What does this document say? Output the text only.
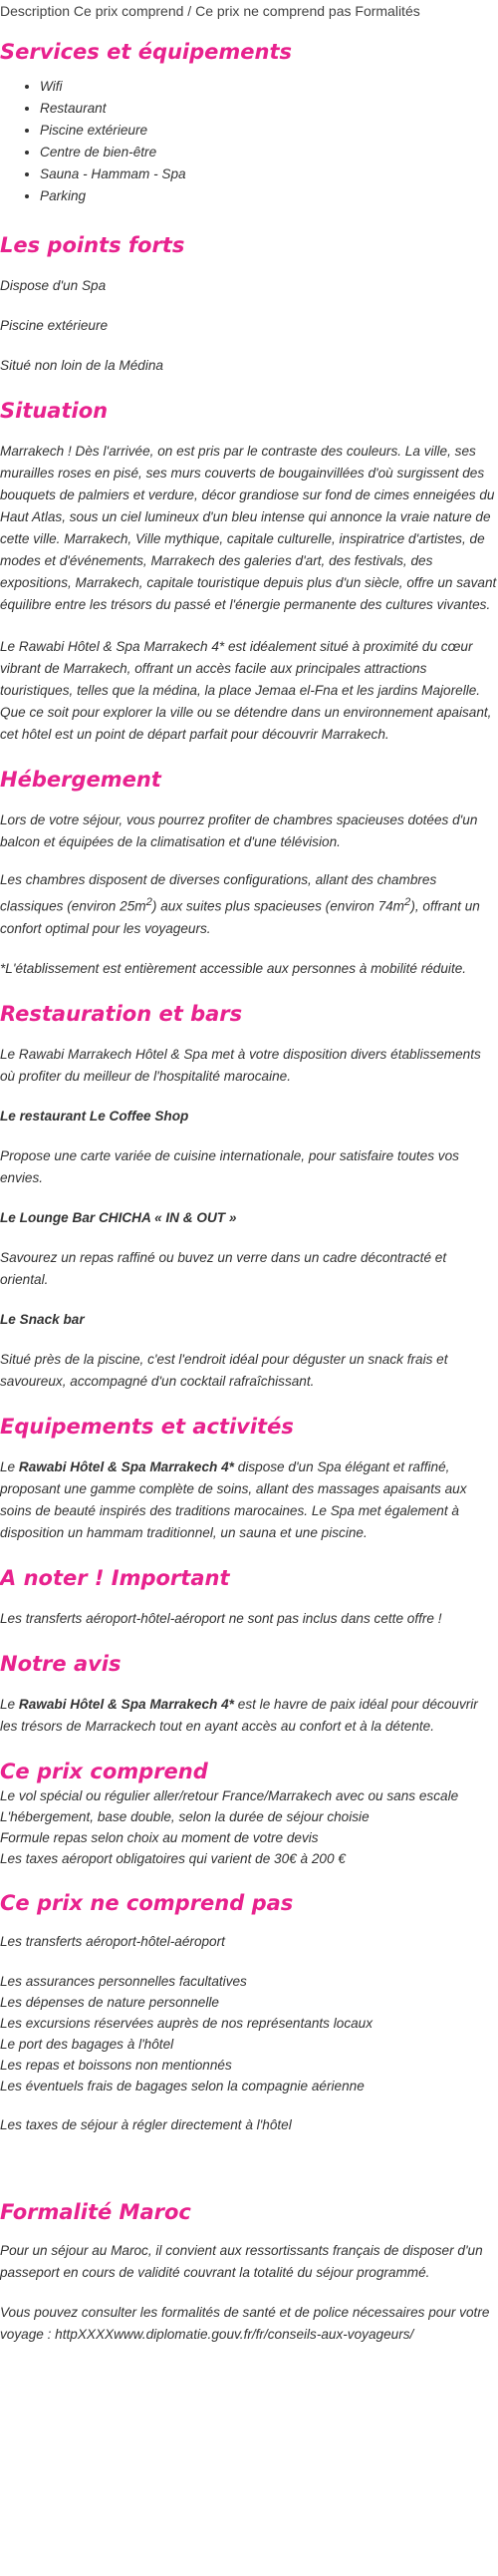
Description Ce prix comprend / Ce prix ne comprend pas Formalités
Services et équipements
• Wifi
• Restaurant
• Piscine extérieure
• Centre de bien-être
• Sauna - Hammam - Spa
• Parking
Les points forts

Dispose d'un Spa

Piscine extérieure

Situé non loin de la Médina

Situation

Marrakech ! Dès l'arrivée, on est pris par le contraste des couleurs. La ville, ses murailles roses en pisé, ses murs couverts de bougainvillées d'où surgissent des bouquets de palmiers et verdure, décor grandiose sur fond de cimes enneigées du Haut Atlas, sous un ciel lumineux d'un bleu intense qui annonce la vraie nature de cette ville. Marrakech, Ville mythique, capitale culturelle, inspiratrice d'artistes, de modes et d'événements, Marrakech des galeries d'art, des festivals, des expositions, Marrakech, capitale touristique depuis plus d'un siècle, offre un savant équilibre entre les trésors du passé et l'énergie permanente des cultures vivantes.

Le Rawabi Hôtel & Spa Marrakech 4* est idéalement situé à proximité du cœur vibrant de Marrakech, offrant un accès facile aux principales attractions touristiques, telles que la médina, la place Jemaa el-Fna et les jardins Majorelle. Que ce soit pour explorer la ville ou se détendre dans un environnement apaisant, cet hôtel est un point de départ parfait pour découvrir Marrakech.

Hébergement

Lors de votre séjour, vous pourrez profiter de chambres spacieuses dotées d'un balcon et équipées de la climatisation et d'une télévision.

Les chambres disposent de diverses configurations, allant des chambres classiques (environ $25m^2$) aux suites plus spacieuses (environ $74m^2$), offrant un confort optimal pour les voyageurs.

*L'établissement est entièrement accessible aux personnes à mobilité réduite.

Restauration et bars

Le Rawabi Marrakech Hôtel & Spa met à votre disposition divers établissements où profiter du meilleur de l'hospitalité marocaine.

Le restaurant Le Coffee Shop

Propose une carte variée de cuisine internationale, pour satisfaire toutes vos envies.

Le Lounge Bar CHICHA « IN & OUT »

Savourez un repas raffiné ou buvez un verre dans un cadre décontracté et oriental.

Le Snack bar

Situé près de la piscine, c'est l'endroit idéal pour déguster un snack frais et savoureux, accompagné d'un cocktail rafraîchissant.

Equipements et activités

Le Rawabi Hôtel & Spa Marrakech 4* dispose d'un Spa élégant et raffiné, proposant une gamme complète de soins, allant des massages apaisants aux soins de beauté inspirés des traditions marocaines. Le Spa met également à disposition un hammam traditionnel, un sauna et une piscine.

A noter ! Important

Les transferts aéroport-hôtel-aéroport ne sont pas inclus dans cette offre !

Notre avis

Le Rawabi Hôtel & Spa Marrakech 4* est le havre de paix idéal pour découvrir les trésors de Marrackech tout en ayant accès au confort et à la détente.

Ce prix comprend

Le vol spécial ou régulier aller/retour France/Marrakech avec ou sans escale

L'hébergement, base double, selon la durée de séjour choisie

Formule repas selon choix au moment de votre devis

Les taxes aéroport obligatoires qui varient de 30€ à 200 €

Ce prix ne comprend pas

Les transferts aéroport-hôtel-aéroport

Les assurances personnelles facultatives

Les dépenses de nature personnelle

Les excursions réservées auprès de nos représentants locaux

Le port des bagages à l'hôtel

Les repas et boissons non mentionnés

Les éventuels frais de bagages selon la compagnie aérienne

Les taxes de séjour à régler directement à l'hôtel

Formalité Maroc

Pour un séjour au Maroc, il convient aux ressortissants français de disposer d'un passeport en cours de validité couvrant la totalité du séjour programmé.

Vous pouvez consulter les formalités de santé et de police nécessaires pour votre voyage : httpXXXXwww.diplomatie.gouv.fr/fr/conseils-aux-voyageurs/
